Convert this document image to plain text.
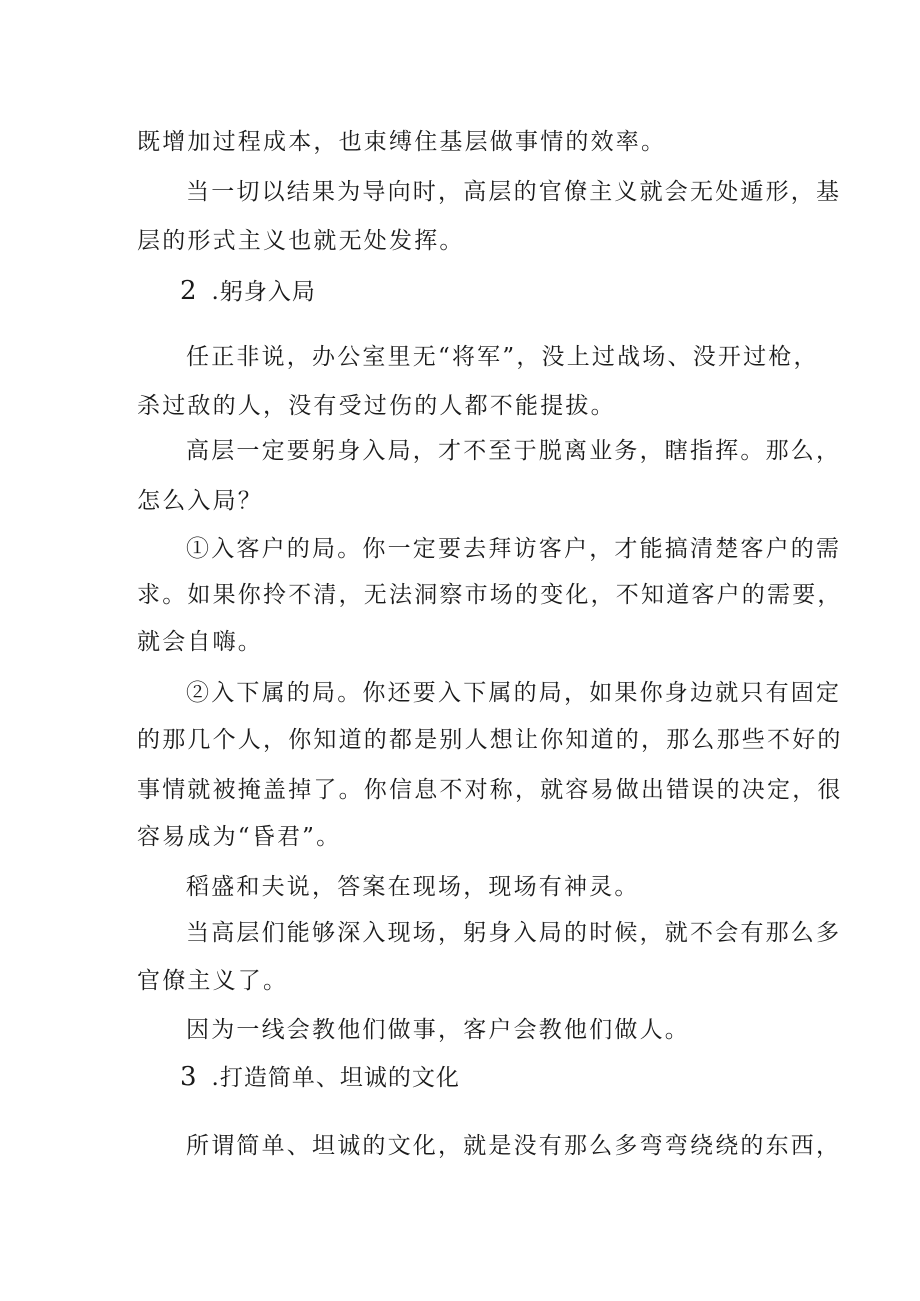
既增加过程成本，也束缚住基层做事情的效率。

当一切以结果为导向时，高层的官僚主义就会无处遁形，基

层的形式主义也就无处发挥。

2 .躬身入局

任正非说，办公室里无“将军”，没上过战场、没开过枪，

杀过敌的人，没有受过伤的人都不能提拔。

高层一定要躬身入局，才不至于脱离业务，瞎指挥。那么，

怎么入局？

①入客户的局。你一定要去拜访客户，才能搞清楚客户的需

求。如果你拎不清，无法洞察市场的变化，不知道客户的需要，

就会自嗨。

②入下属的局。你还要入下属的局，如果你身边就只有固定

的那几个人，你知道的都是别人想让你知道的，那么那些不好的

事情就被掩盖掉了。你信息不对称，就容易做出错误的决定，很

容易成为“昏君”。

稻盛和夫说，答案在现场，现场有神灵。

当高层们能够深入现场，躬身入局的时候，就不会有那么多

官僚主义了。

因为一线会教他们做事，客户会教他们做人。

3 .打造简单、坦诚的文化

所谓简单、坦诚的文化，就是没有那么多弯弯绕绕的东西，
